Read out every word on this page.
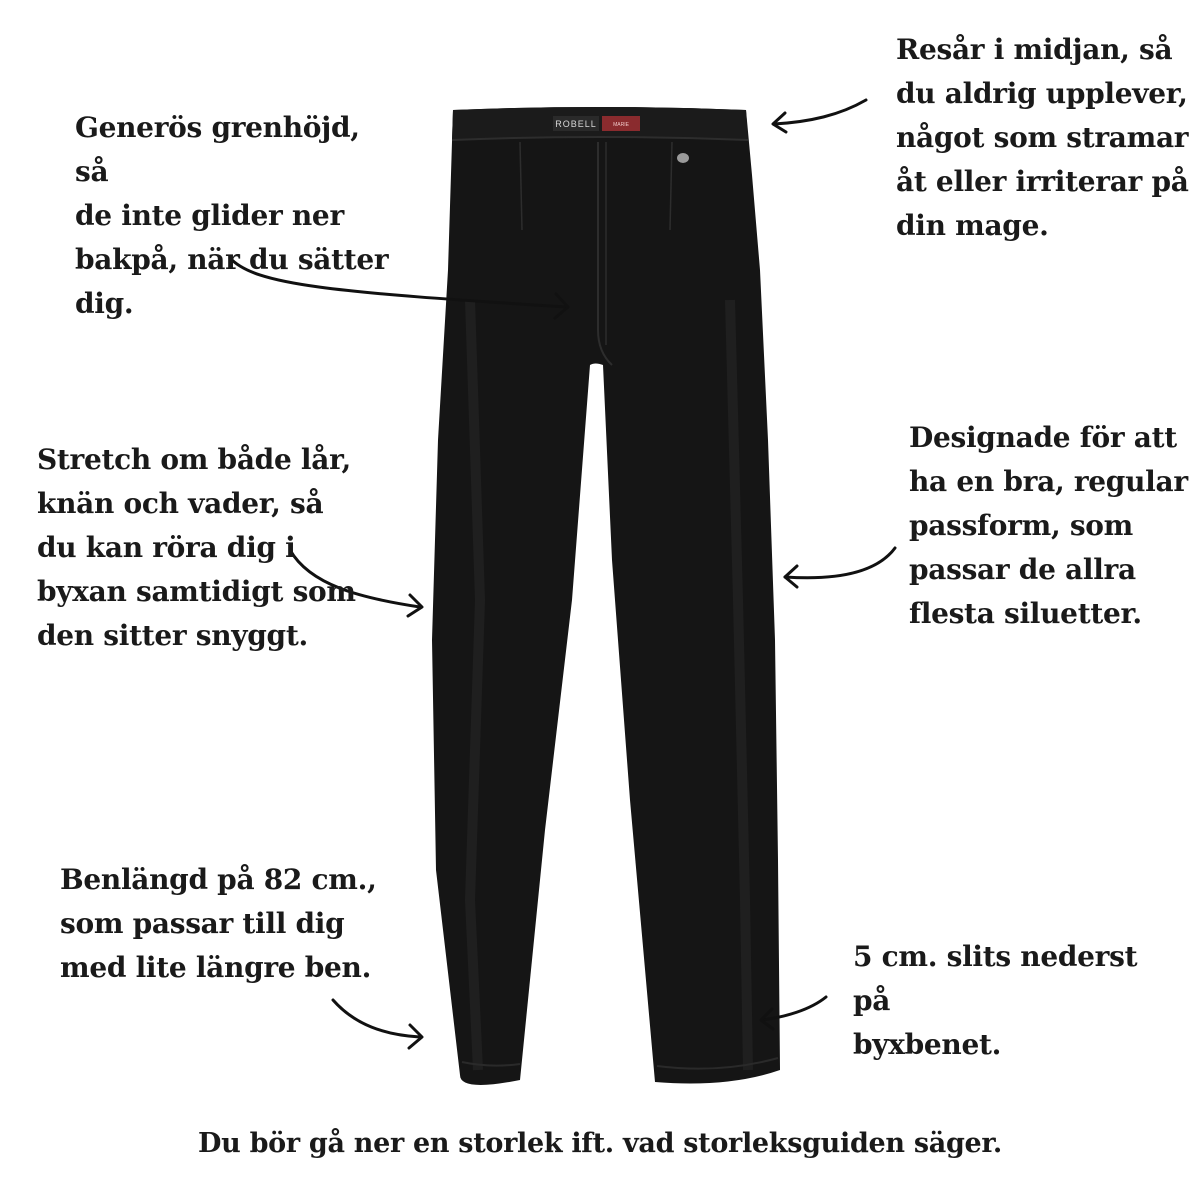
ROBELL	MARIE
Generös grenhöjd, så
de inte glider ner
bakpå, när du sätter
dig.
Resår i midjan, så
du aldrig upplever,
något som stramar
åt eller irriterar på
din mage.
Stretch om både lår,
knän och vader, så
du kan röra dig i
byxan samtidigt som
den sitter snyggt.
Designade för att
ha en bra, regular
passform, som
passar de allra
flesta siluetter.
Benlängd på 82 cm.,
som passar till dig
med lite längre ben.	5 cm. slits nederst på
byxbenet.
Du bör gå ner en storlek ift. vad storleksguiden säger.
